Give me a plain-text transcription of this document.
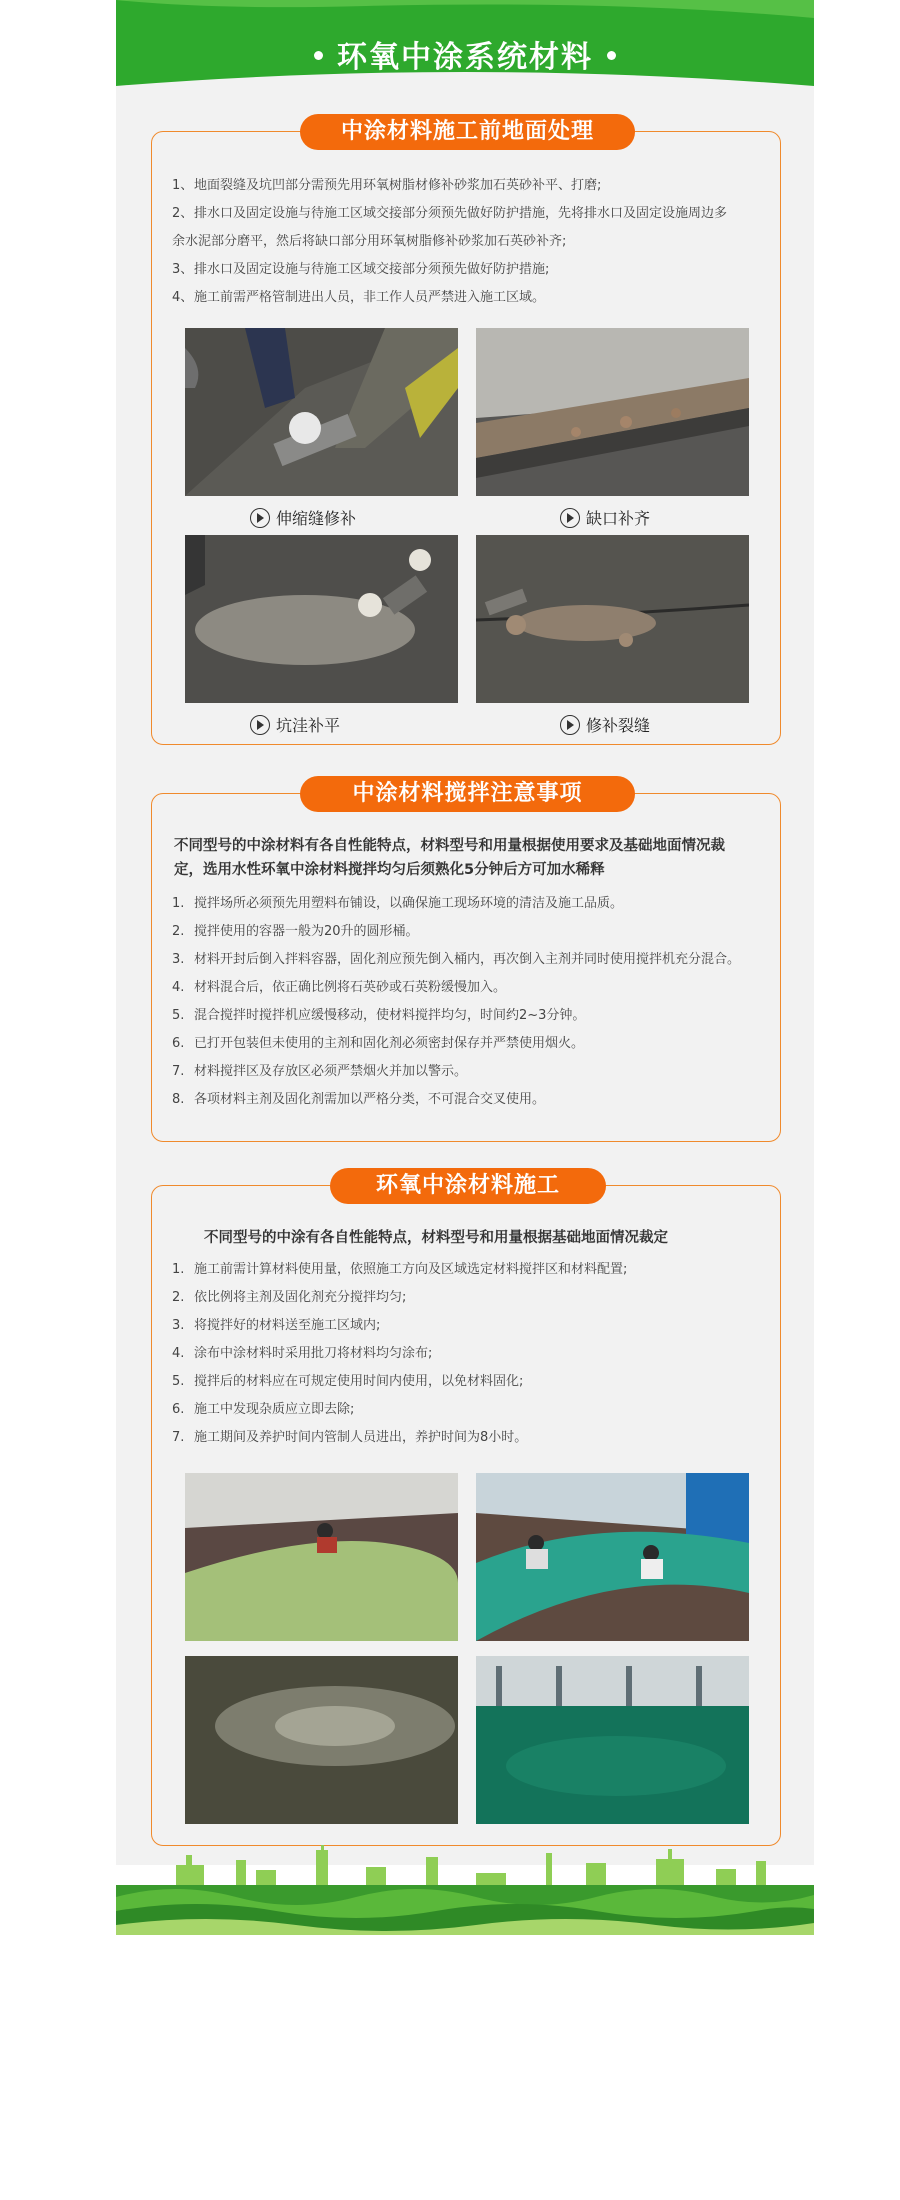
环氧中涂系统材料
中涂材料施工前地面处理
1、地面裂缝及坑凹部分需预先用环氧树脂材修补砂浆加石英砂补平、打磨;
2、排水口及固定设施与待施工区域交接部分须预先做好防护措施，先将排水口及固定设施周边多
余水泥部分磨平，然后将缺口部分用环氧树脂修补砂浆加石英砂补齐;
3、排水口及固定设施与待施工区域交接部分须预先做好防护措施;
4、施工前需严格管制进出人员，非工作人员严禁进入施工区域。
伸缩缝修补	缺口补齐
坑洼补平	修补裂缝
中涂材料搅拌注意事项
不同型号的中涂材料有各自性能特点，材料型号和用量根据使用要求及基础地面情况裁
定，选用水性环氧中涂材料搅拌均匀后须熟化5分钟后方可加水稀释
1. 搅拌场所必须预先用塑料布铺设，以确保施工现场环境的清洁及施工品质。
2. 搅拌使用的容器一般为20升的圆形桶。
3. 材料开封后倒入拌料容器，固化剂应预先倒入桶内，再次倒入主剂并同时使用搅拌机充分混合。
4. 材料混合后，依正确比例将石英砂或石英粉缓慢加入。
5. 混合搅拌时搅拌机应缓慢移动，使材料搅拌均匀，时间约2~3分钟。
6. 已打开包装但未使用的主剂和固化剂必须密封保存并严禁使用烟火。
7. 材料搅拌区及存放区必须严禁烟火并加以警示。
8. 各项材料主剂及固化剂需加以严格分类，不可混合交叉使用。
环氧中涂材料施工
不同型号的中涂有各自性能特点，材料型号和用量根据基础地面情况裁定
1. 施工前需计算材料使用量，依照施工方向及区域选定材料搅拌区和材料配置;
2. 依比例将主剂及固化剂充分搅拌均匀;
3. 将搅拌好的材料送至施工区域内;
4. 涂布中涂材料时采用批刀将材料均匀涂布;
5. 搅拌后的材料应在可规定使用时间内使用，以免材料固化;
6. 施工中发现杂质应立即去除;
7. 施工期间及养护时间内管制人员进出，养护时间为8小时。
